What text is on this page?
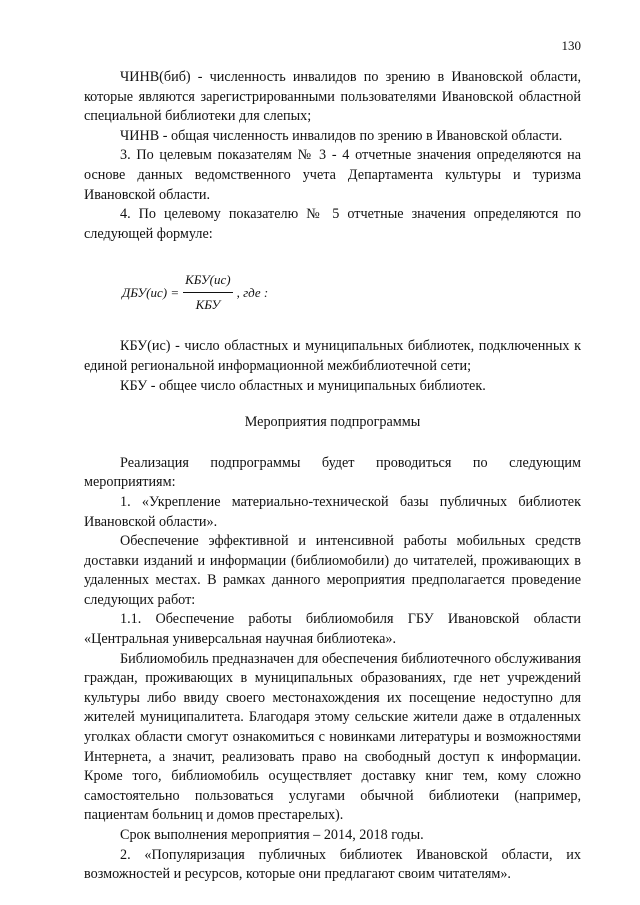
130

ЧИНВ(биб) - численность инвалидов по зрению в Ивановской области, которые являются зарегистрированными пользователями Ивановской областной специальной библиотеки для слепых;

ЧИНВ - общая численность инвалидов по зрению в Ивановской области.

3. По целевым показателям № 3 - 4 отчетные значения определяются на основе данных ведомственного учета Департамента культуры и туризма Ивановской области.

4. По целевому показателю № 5 отчетные значения определяются по следующей формуле:

$ДБУ(ис) = \frac{\text{КБУ(ис)}}{\text{КБУ}}$ , где :

КБУ(ис) - число областных и муниципальных библиотек, подключенных к единой региональной информационной межбиблиотечной сети;

КБУ - общее число областных и муниципальных библиотек.

Мероприятия подпрограммы

Реализация подпрограммы будет проводиться по следующим мероприятиям:

1. «Укрепление материально-технической базы публичных библиотек Ивановской области».

Обеспечение эффективной и интенсивной работы мобильных средств доставки изданий и информации (библиомобили) до читателей, проживающих в удаленных местах. В рамках данного мероприятия предполагается проведение следующих работ:

1.1. Обеспечение работы библиомобиля ГБУ Ивановской области «Центральная универсальная научная библиотека».

Библиомобиль предназначен для обеспечения библиотечного обслуживания граждан, проживающих в муниципальных образованиях, где нет учреждений культуры либо ввиду своего местонахождения их посещение недоступно для жителей муниципалитета. Благодаря этому сельские жители даже в отдаленных уголках области смогут ознакомиться с новинками литературы и возможностями Интернета, а значит, реализовать право на свободный доступ к информации. Кроме того, библиомобиль осуществляет доставку книг тем, кому сложно самостоятельно пользоваться услугами обычной библиотеки (например, пациентам больниц и домов престарелых).

Срок выполнения мероприятия – 2014, 2018 годы.

2. «Популяризация публичных библиотек Ивановской области, их возможностей и ресурсов, которые они предлагают своим читателям».
